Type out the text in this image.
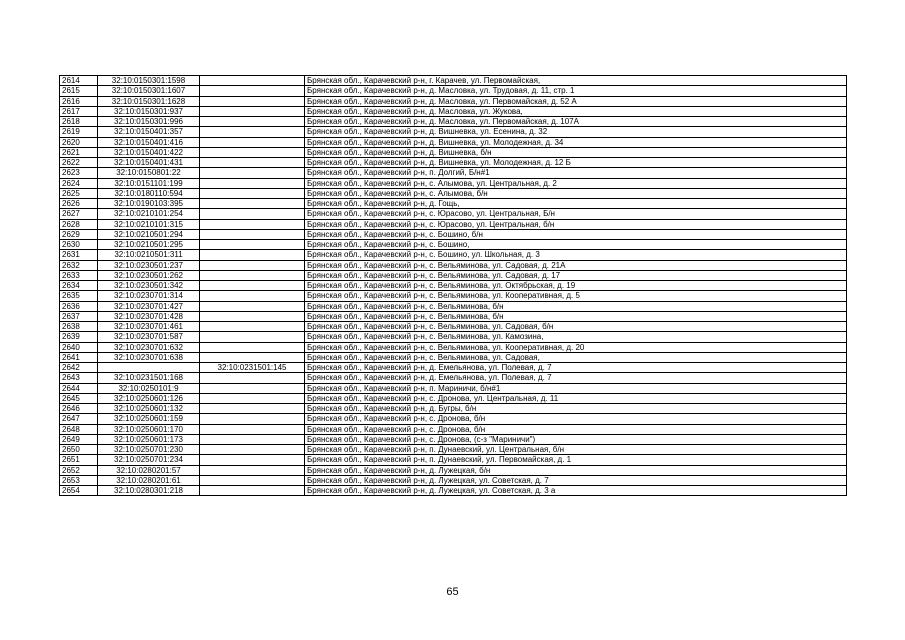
2614	32:10:0150301:1598		Брянская обл., Карачевский р-н, г. Карачев, ул. Первомайская,
2615	32:10:0150301:1607		Брянская обл., Карачевский р-н, д. Масловка, ул. Трудовая, д. 11, стр. 1
2616	32:10:0150301:1628		Брянская обл., Карачевский р-н, д. Масловка, ул. Первомайская, д. 52 А
2617	32:10:0150301:937		Брянская обл., Карачевский р-н, д. Масловка, ул. Жукова,
2618	32:10:0150301:996		Брянская обл., Карачевский р-н, д. Масловка, ул. Первомайская, д. 107А
2619	32:10:0150401:357		Брянская обл., Карачевский р-н, д. Вишневка, ул. Есенина, д. 32
2620	32:10:0150401:416		Брянская обл., Карачевский р-н, д. Вишневка, ул. Молодежная, д. 34
2621	32:10:0150401:422		Брянская обл., Карачевский р-н, д. Вишневка, б/н
2622	32:10:0150401:431		Брянская обл., Карачевский р-н, д. Вишневка, ул. Молодежная, д. 12 Б
2623	32:10:0150801:22		Брянская обл., Карачевский р-н, п. Долгий, Б/н#1
2624	32:10:0151101:199		Брянская обл., Карачевский р-н, с. Алымова, ул. Центральная, д. 2
2625	32:10:0180110:594		Брянская обл., Карачевский р-н, с. Алымова, б/н
2626	32:10:0190103:395		Брянская обл., Карачевский р-н, д. Гощь,
2627	32:10:0210101:254		Брянская обл., Карачевский р-н, с. Юрасово, ул. Центральная, Б/н
2628	32:10:0210101:315		Брянская обл., Карачевский р-н, с. Юрасово, ул. Центральная, б/н
2629	32:10:0210501:294		Брянская обл., Карачевский р-н, с. Бошино, б/н
2630	32:10:0210501:295		Брянская обл., Карачевский р-н, с. Бошино,
2631	32:10:0210501:311		Брянская обл., Карачевский р-н, с. Бошино, ул. Школьная, д. 3
2632	32:10:0230501:237		Брянская обл., Карачевский р-н, с. Вельяминова, ул. Садовая, д. 21А
2633	32:10:0230501:262		Брянская обл., Карачевский р-н, с. Вельяминова, ул. Садовая, д. 17
2634	32:10:0230501:342		Брянская обл., Карачевский р-н, с. Вельяминова, ул. Октябрьская, д. 19
2635	32:10:0230701:314		Брянская обл., Карачевский р-н, с. Вельяминова, ул. Кооперативная, д. 5
2636	32:10:0230701:427		Брянская обл., Карачевский р-н, с. Вельяминова, б/н
2637	32:10:0230701:428		Брянская обл., Карачевский р-н, с. Вельяминова, б/н
2638	32:10:0230701:461		Брянская обл., Карачевский р-н, с. Вельяминова, ул. Садовая, б/н
2639	32:10:0230701:587		Брянская обл., Карачевский р-н, с. Вельяминова, ул. Камозина,
2640	32:10:0230701:632		Брянская обл., Карачевский р-н, с. Вельяминова, ул. Кооперативная, д. 20
2641	32:10:0230701:638		Брянская обл., Карачевский р-н, с. Вельяминова, ул. Садовая,
2642		32:10:0231501:145	Брянская обл., Карачевский р-н, д. Емельянова, ул. Полевая, д. 7
2643	32:10:0231501:168		Брянская обл., Карачевский р-н, д. Емельянова, ул. Полевая, д. 7
2644	32:10:0250101:9		Брянская обл., Карачевский р-н, п. Мариничи, б/н#1
2645	32:10:0250601:126		Брянская обл., Карачевский р-н, с. Дронова, ул. Центральная, д. 11
2646	32:10:0250601:132		Брянская обл., Карачевский р-н, д. Бугры, б/н
2647	32:10:0250601:159		Брянская обл., Карачевский р-н, с. Дронова, б/н
2648	32:10:0250601:170		Брянская обл., Карачевский р-н, с. Дронова, б/н
2649	32:10:0250601:173		Брянская обл., Карачевский р-н, с. Дронова, (с-з "Мариничи")
2650	32:10:0250701:230		Брянская обл., Карачевский р-н, п. Дунаевский, ул. Центральная, б/н
2651	32:10:0250701:234		Брянская обл., Карачевский р-н, п. Дунаевский, ул. Первомайская, д. 1
2652	32:10:0280201:57		Брянская обл., Карачевский р-н, д. Лужецкая, б/н
2653	32:10:0280201:61		Брянская обл., Карачевский р-н, д. Лужецкая, ул. Советская, д. 7
2654	32:10:0280301:218		Брянская обл., Карачевский р-н, д. Лужецкая, ул. Советская, д. 3 а
65
